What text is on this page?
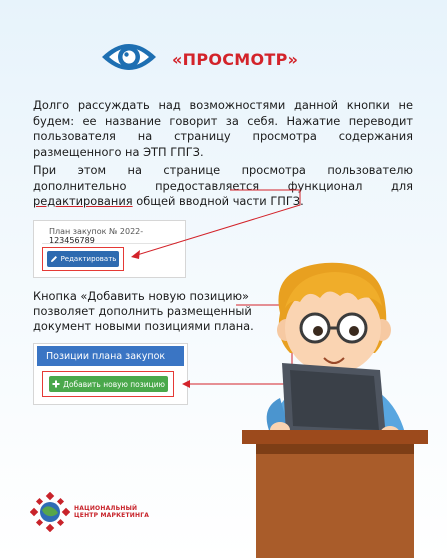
«ПРОСМОТР»
Долго рассуждать над возможностями данной кнопки не будем: ее название говорит за себя. Нажатие переводит пользователя на страницу просмотра содержания размещенного на ЭТП ГПГЗ.
При этом на странице просмотра пользователю дополнительно предоставляется функционал для редактирования общей вводной части ГПГЗ.
План закупок № 2022- 123456789
Редактировать
Кнопка «Добавить новую позицию» позволяет дополнить размещенный документ новыми позициями плана.
Позиции плана закупок
Добавить новую позицию
НАЦИОНАЛЬНЫЙ
ЦЕНТР МАРКЕТИНГА
